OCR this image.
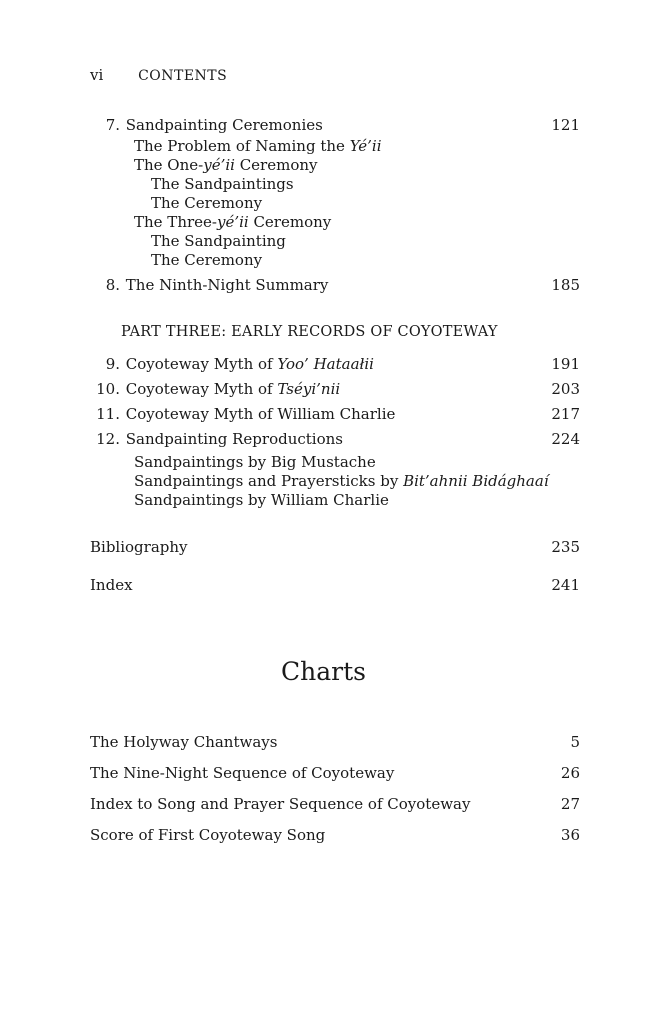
vi CONTENTS
7. Sandpainting Ceremonies	121
The Problem of Naming the Yé’ii
The One-yé’ii Ceremony
The Sandpaintings
The Ceremony
The Three-yé’ii Ceremony
The Sandpainting
The Ceremony
8. The Ninth-Night Summary	185
PART THREE: EARLY RECORDS OF COYOTEWAY
9. Coyoteway Myth of Yoo’ Hataałii	191
10. Coyoteway Myth of Tséyi’nii	203
11. Coyoteway Myth of William Charlie	217
12. Sandpainting Reproductions	224
Sandpaintings by Big Mustache
Sandpaintings and Prayersticks by Bit’ahnii Bidághaaí
Sandpaintings by William Charlie
Bibliography	235
Index	241
Charts
The Holyway Chantways	5
The Nine-Night Sequence of Coyoteway	26
Index to Song and Prayer Sequence of Coyoteway	27
Score of First Coyoteway Song	36
